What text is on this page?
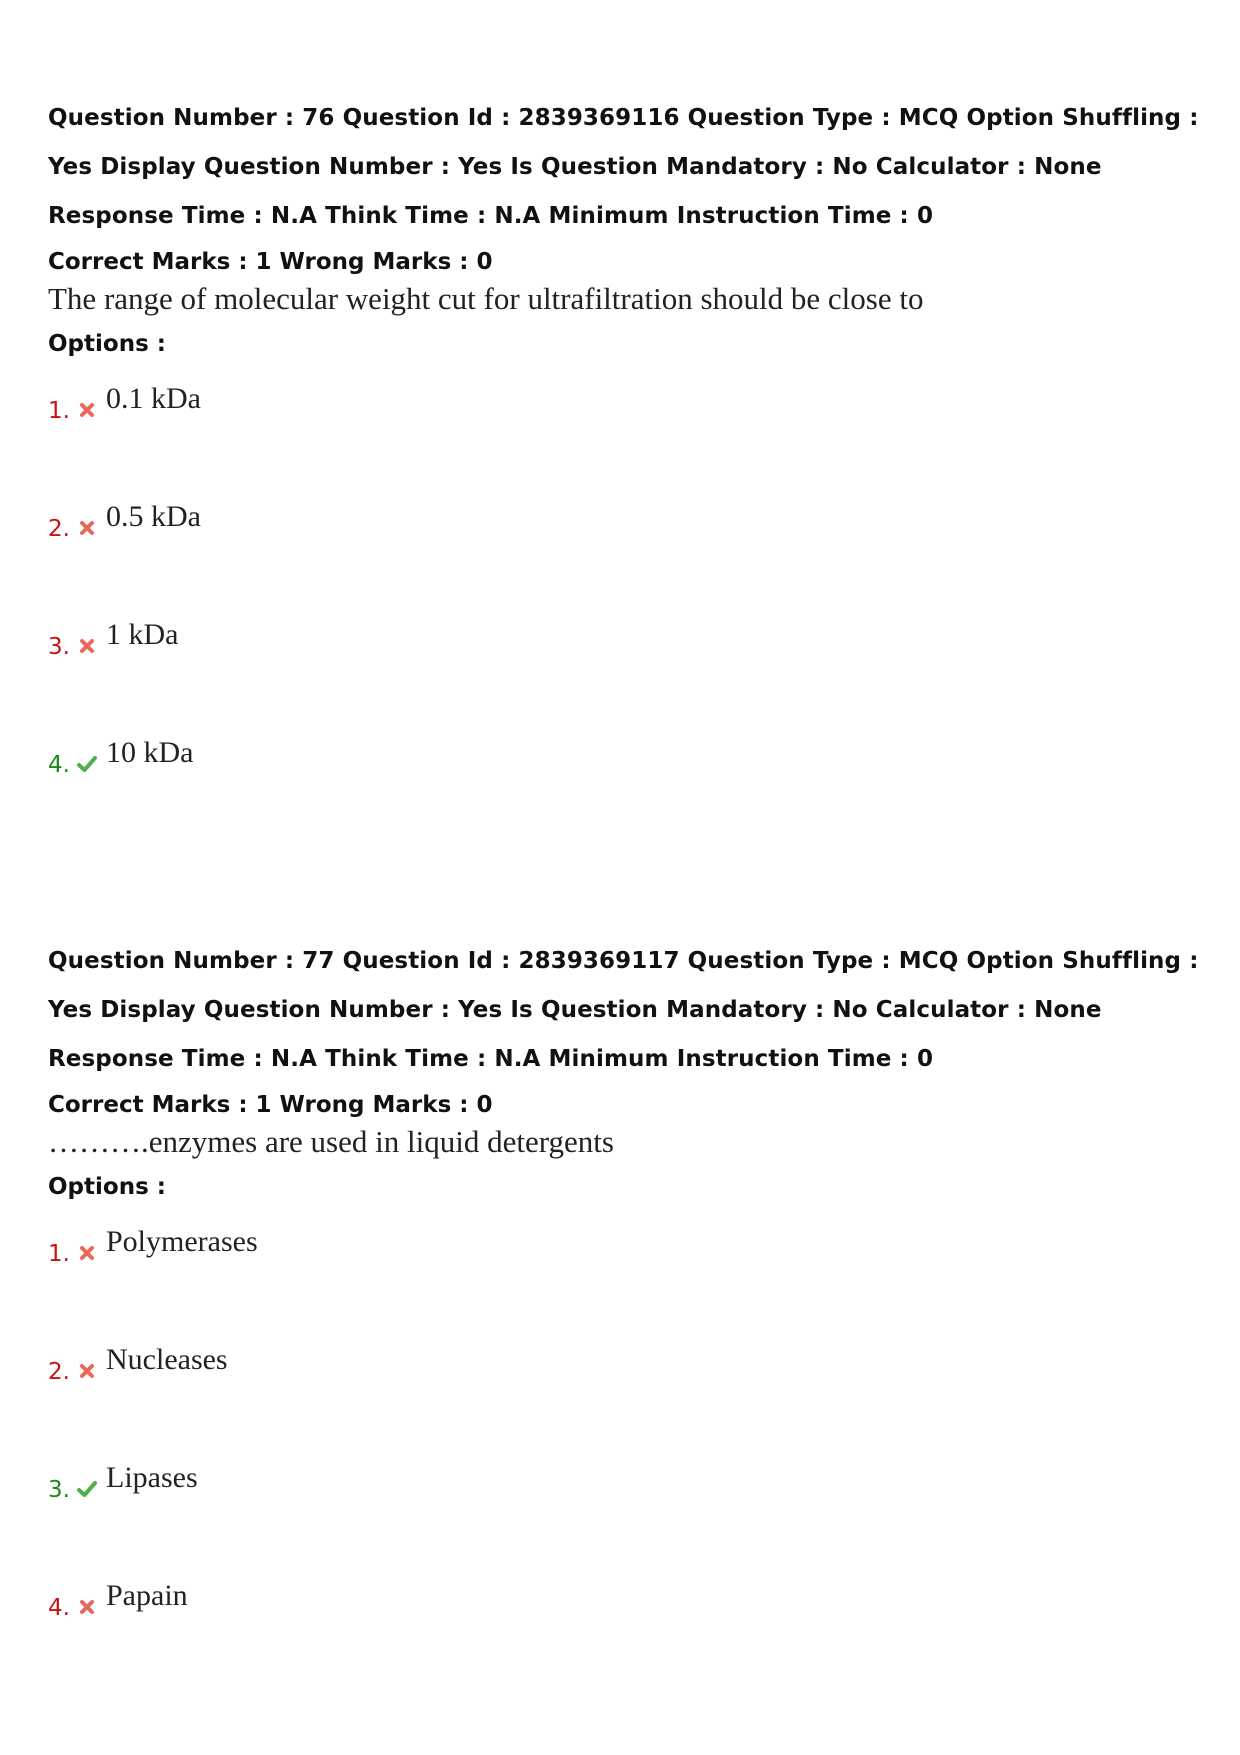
Question Number : 76 Question Id : 2839369116 Question Type : MCQ Option Shuffling : Yes Display Question Number : Yes Is Question Mandatory : No Calculator : None Response Time : N.A Think Time : N.A Minimum Instruction Time : 0

Correct Marks : 1 Wrong Marks : 0

The range of molecular weight cut for ultrafiltration should be close to

Options :

1. 0.1 kDa
2. 0.5 kDa
3. 1 kDa
4. 10 kDa

Question Number : 77 Question Id : 2839369117 Question Type : MCQ Option Shuffling : Yes Display Question Number : Yes Is Question Mandatory : No Calculator : None Response Time : N.A Think Time : N.A Minimum Instruction Time : 0

Correct Marks : 1 Wrong Marks : 0

……….enzymes are used in liquid detergents

Options :

1. Polymerases
2. Nucleases
3. Lipases
4. Papain
